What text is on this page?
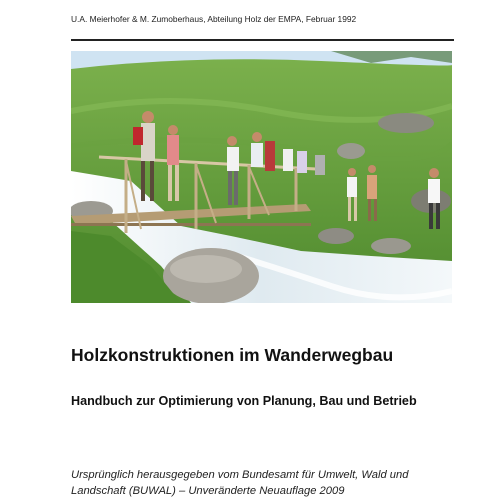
U.A. Meierhofer & M. Zumoberhaus, Abteilung Holz der EMPA, Februar 1992
Holzkonstruktionen im Wanderwegbau
Handbuch zur Optimierung von Planung, Bau und Betrieb
Ursprünglich herausgegeben vom Bundesamt für Umwelt, Wald und
Landschaft (BUWAL) – Unveränderte Neuauflage 2009
